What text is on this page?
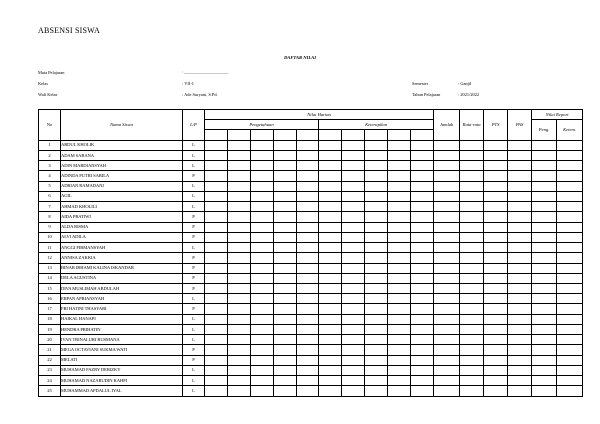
ABSENSI SISWA
DAFTAR NILAI
Mata Pelajaran	: ____________________
Kelas	: VII-1
Wali Kelas	: Ade Suryani, S.Pd.
Semester	: Ganjil
Tahun Pelajaran	: 2021/2022
No	Nama Siswa	L/P	Nilai Harian										Jumlah	Rata-rata	PTS	PAS	Nilai Report	
			Pengetahuan					Keterapilan									Peng.	Ketem.

1	ABDUL KHOLIK	L																
2	ADAM SABANA	L																
3	ADIN MARDIANSYAH	L																
4	ADINDA PUTRI SABILA	P																
5	ADRIAN RAMADANI	L																
6	AGIL	L																
7	AHMAD KHOLILI	L																
8	AIDA PRATIWI	P																
9	ALDA RISMA	P																
10	ALVI ADILA	P																
11	ANGGI FIRMANSYAH	L																
12	ANNISA ZAKKIA	P																
13	BINAR IRHAMI KALINA ISKANDAR	P																
14	DELA AGUSTINA	P																
15	DIVA MUSLIMAH ABDULAH	P																
16	ERPAN APRIANSYAH	L																
17	FRI HATINI THASYARI	P																
18	HAIKAL HANAPI	L																
19	HENDRA PRIHATIN	L																
20	IVAN TRINALURI RUSMANA	L																
21	MEGA OCTAVIANI SUKMA WATI	P																
22	MELATI	P																
23	MUHAMAD FAZRY DERIZKY	L																
24	MUHAMAD NAZARUDIN KAHFI	L																
25	MUHAMMAD APDALUL IYAL	L																
